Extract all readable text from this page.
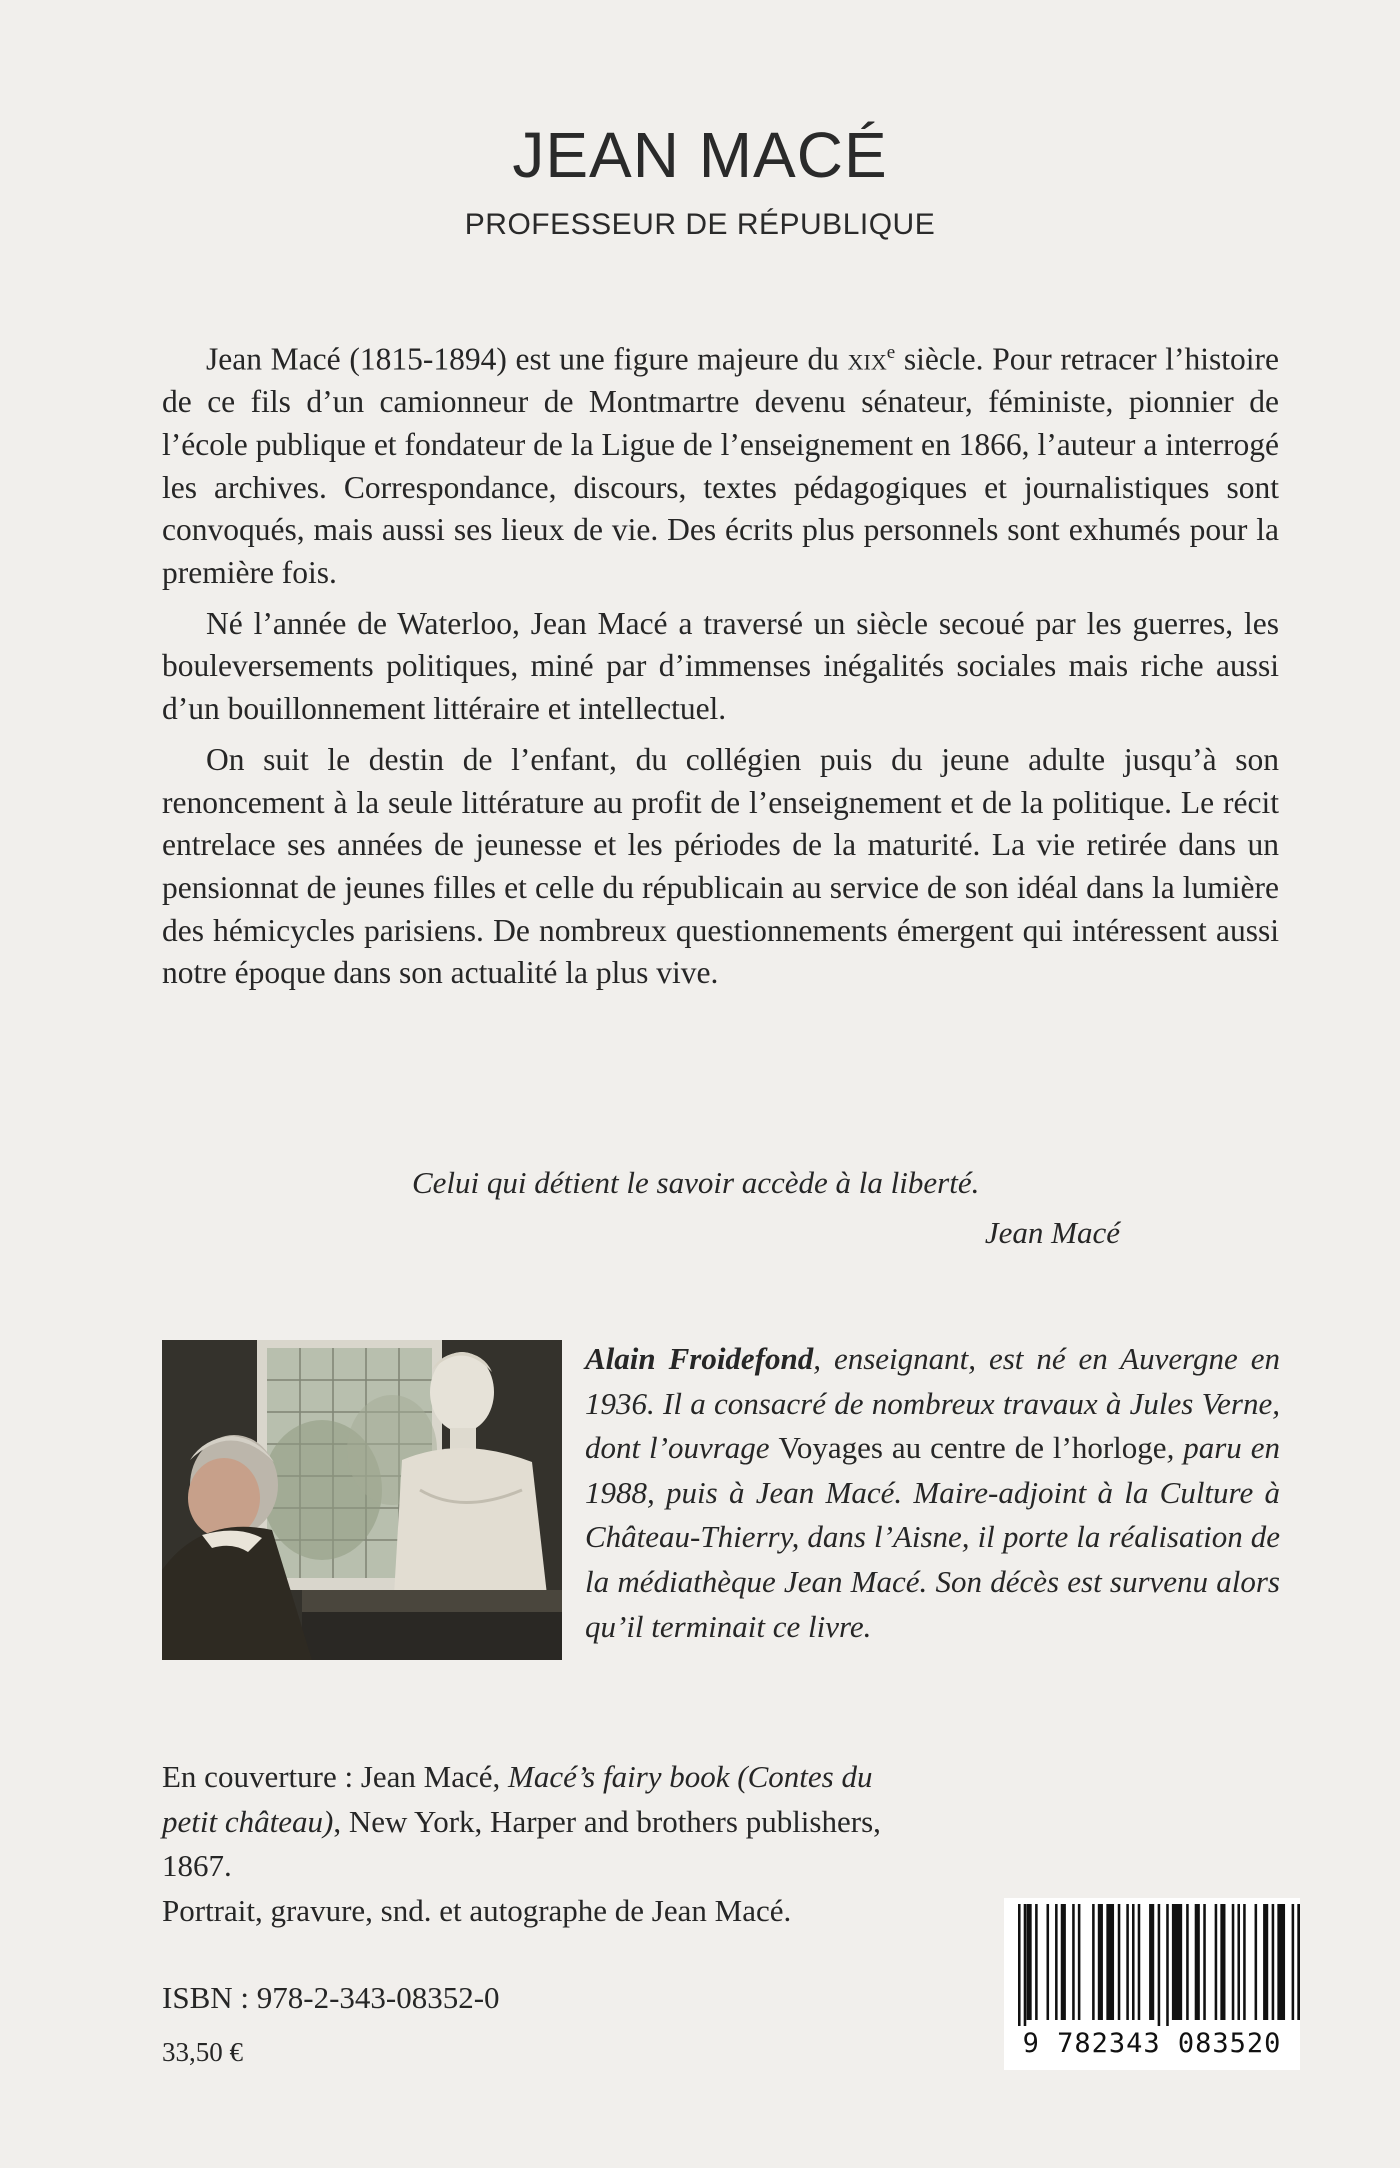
JEAN MACÉ
PROFESSEUR DE RÉPUBLIQUE

Jean Macé (1815-1894) est une figure majeure du xix$^e$ siècle. Pour retracer l’histoire de ce fils d’un camionneur de Montmartre devenu sénateur, féministe, pionnier de l’école publique et fondateur de la Ligue de l’enseignement en 1866, l’auteur a interrogé les archives. Correspondance, discours, textes pédagogiques et journalistiques sont convoqués, mais aussi ses lieux de vie. Des écrits plus personnels sont exhumés pour la première fois.

Né l’année de Waterloo, Jean Macé a traversé un siècle secoué par les guerres, les bouleversements politiques, miné par d’immenses inégalités sociales mais riche aussi d’un bouillonnement littéraire et intellectuel.

On suit le destin de l’enfant, du collégien puis du jeune adulte jusqu’à son renoncement à la seule littérature au profit de l’enseignement et de la politique. Le récit entrelace ses années de jeunesse et les périodes de la maturité. La vie retirée dans un pensionnat de jeunes filles et celle du républicain au service de son idéal dans la lumière des hémicycles parisiens. De nombreux questionnements émergent qui intéressent aussi notre époque dans son actualité la plus vive.

Celui qui détient le savoir accède à la liberté.
Jean Macé
Alain Froidefond, enseignant, est né en Auvergne en 1936. Il a consacré de nombreux travaux à Jules Verne, dont l’ouvrage Voyages au centre de l’horloge, paru en 1988, puis à Jean Macé. Maire-adjoint à la Culture à Château-Thierry, dans l’Aisne, il porte la réalisation de la médiathèque Jean Macé. Son décès est survenu alors qu’il terminait ce livre.
En couverture : Jean Macé, Macé’s fairy book (Contes du petit château), New York, Harper and brothers publishers, 1867.
Portrait, gravure, snd. et autographe de Jean Macé.
ISBN : 978-2-343-08352-0
33,50 €	9 782343 083520
